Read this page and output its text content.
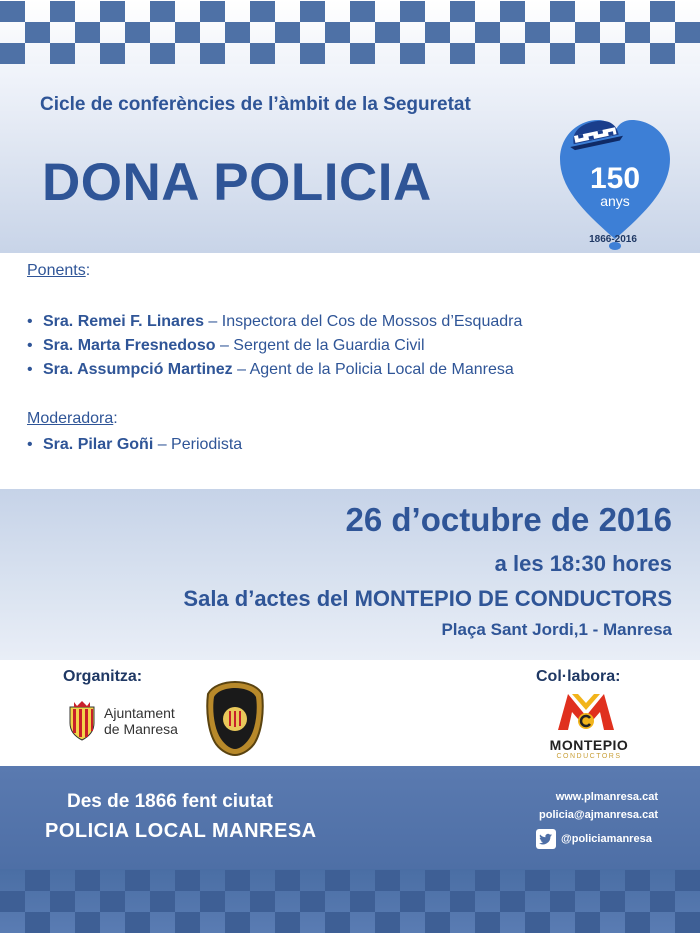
Cicle de conferències de l’àmbit de la Seguretat
DONA POLICIA	150
anys
1866-2016
Ponents:
• Sra. Remei F. Linares – Inspectora del Cos de Mossos d’Esquadra
• Sra. Marta Fresnedoso – Sergent de la Guardia Civil
• Sra. Assumpció Martinez – Agent de la Policia Local de Manresa
Moderadora:
• Sra. Pilar Goñi – Periodista
26 d’octubre de 2016
a les 18:30 hores
Sala d’actes del MONTEPIO DE CONDUCTORS
Plaça Sant Jordi,1 - Manresa
Organitza:
Ajuntament
de Manresa
Col·labora:
MONTEPIO
CONDUCTORS
Des de 1866 fent ciutat
POLICIA LOCAL MANRESA
www.plmanresa.cat
policia@ajmanresa.cat
@policiamanresa
